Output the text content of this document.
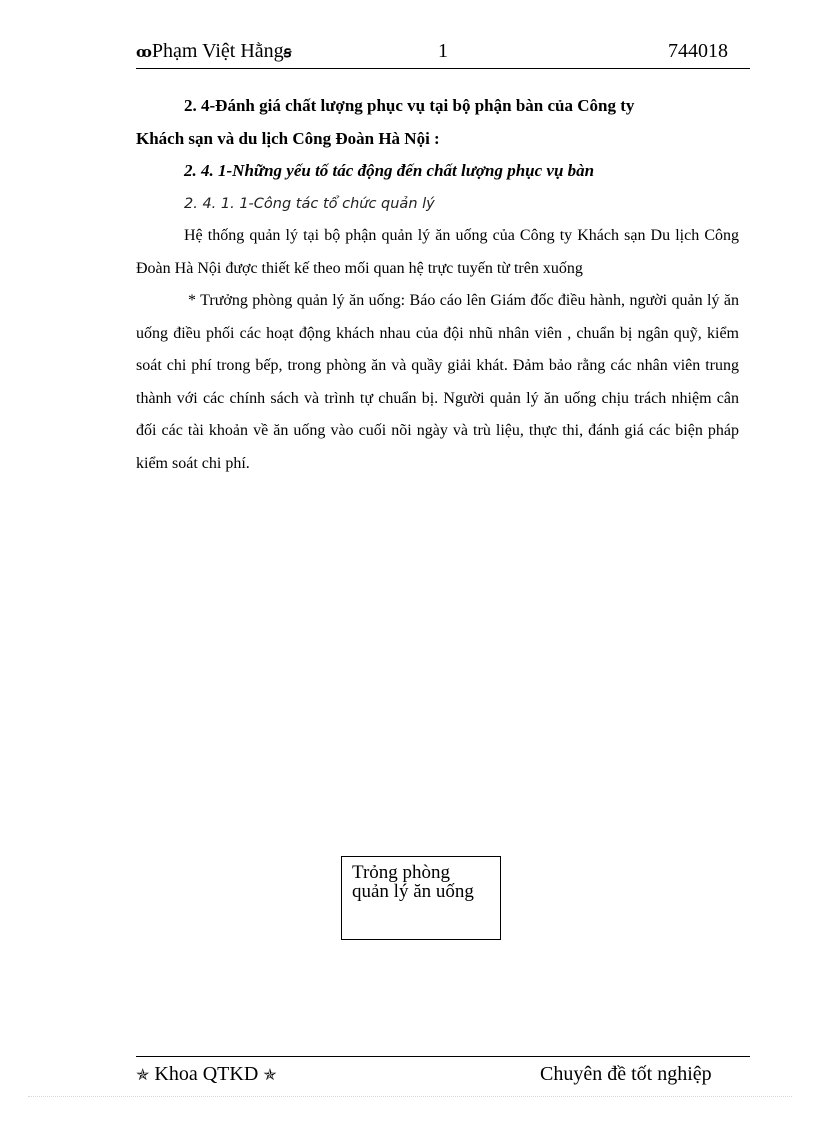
ꝏPhạm Việt Hằngꞩ	1	744018

2. 4-Đánh giá chất lượng phục vụ tại bộ phận bàn của Công ty
Khách sạn và du lịch Công Đoàn Hà Nội :

2. 4. 1-Những yếu tố tác động đến chất lượng phục vụ bàn

2. 4. 1. 1-Công tác tổ chức quản lý

Hệ thống quản lý tại bộ phận quản lý ăn uống của Công ty Khách sạn Du lịch Công Đoàn Hà Nội được thiết kế theo mối quan hệ trực tuyến từ trên xuống

* Trưởng phòng quản lý ăn uống: Báo cáo lên Giám đốc điều hành, người quản lý ăn uống điều phối các hoạt động khách nhau của đội nhũ nhân viên , chuẩn bị ngân quỹ, kiểm soát chi phí trong bếp, trong phòng ăn và quầy giải khát. Đảm bảo rằng các nhân viên trung thành với các chính sách và trình tự chuẩn bị. Người quản lý ăn uống chịu trách nhiệm cân đối các tài khoản về ăn uống vào cuối nõi ngày và trù liệu, thực thi, đánh giá các biện pháp kiểm soát chi phí.

Trỏng phòng
quản lý ăn uống
✯ Khoa QTKD ✯	Chuyên đề tốt nghiệp
